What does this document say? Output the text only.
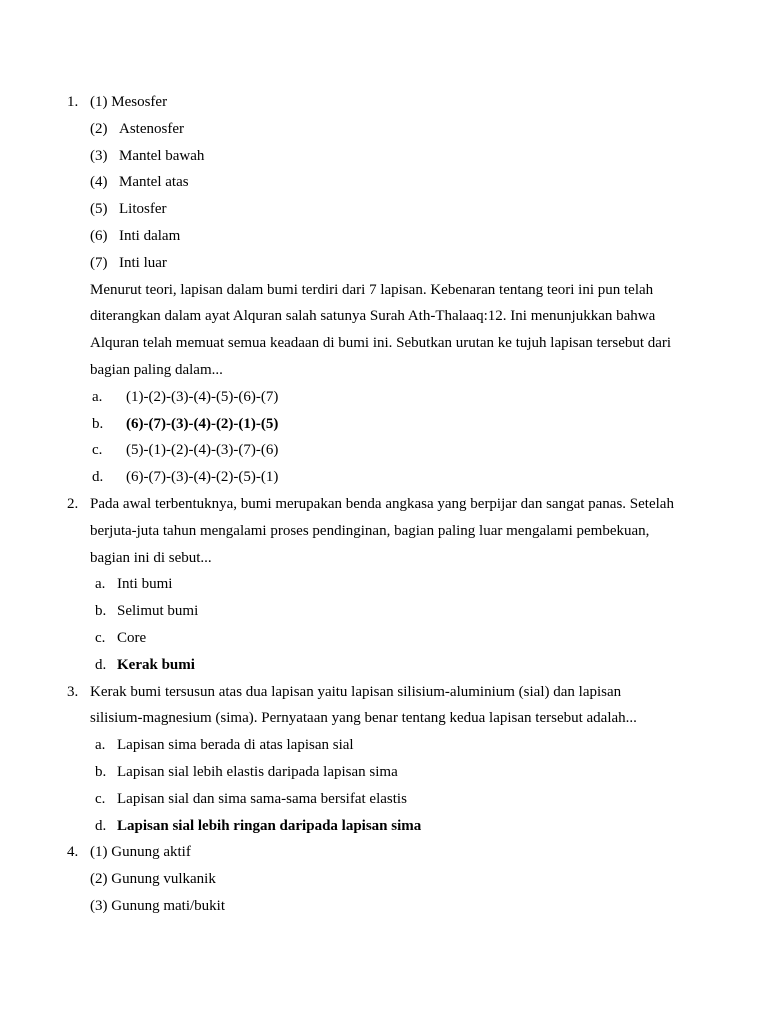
1. (1) Mesosfer
(2) Astenosfer
(3) Mantel bawah
(4) Mantel atas
(5) Litosfer
(6) Inti dalam
(7) Inti luar
Menurut teori, lapisan dalam bumi terdiri dari 7 lapisan. Kebenaran tentang teori ini pun telah
diterangkan dalam ayat Alquran salah satunya Surah Ath-Thalaaq:12. Ini menunjukkan bahwa
Alquran telah memuat semua keadaan di bumi ini. Sebutkan urutan ke tujuh lapisan tersebut dari
bagian paling dalam...
a. (1)-(2)-(3)-(4)-(5)-(6)-(7)
b. (6)-(7)-(3)-(4)-(2)-(1)-(5)
c. (5)-(1)-(2)-(4)-(3)-(7)-(6)
d. (6)-(7)-(3)-(4)-(2)-(5)-(1)
2. Pada awal terbentuknya, bumi merupakan benda angkasa yang berpijar dan sangat panas. Setelah
berjuta-juta tahun mengalami proses pendinginan, bagian paling luar mengalami pembekuan,
bagian ini di sebut...
a. Inti bumi
b. Selimut bumi
c. Core
d. Kerak bumi
3. Kerak bumi tersusun atas dua lapisan yaitu lapisan silisium-aluminium (sial) dan lapisan
silisium-magnesium (sima). Pernyataan yang benar tentang kedua lapisan tersebut adalah...
a. Lapisan sima berada di atas lapisan sial
b. Lapisan sial lebih elastis daripada lapisan sima
c. Lapisan sial dan sima sama-sama bersifat elastis
d. Lapisan sial lebih ringan daripada lapisan sima
4. (1) Gunung aktif
(2) Gunung vulkanik
(3) Gunung mati/bukit
